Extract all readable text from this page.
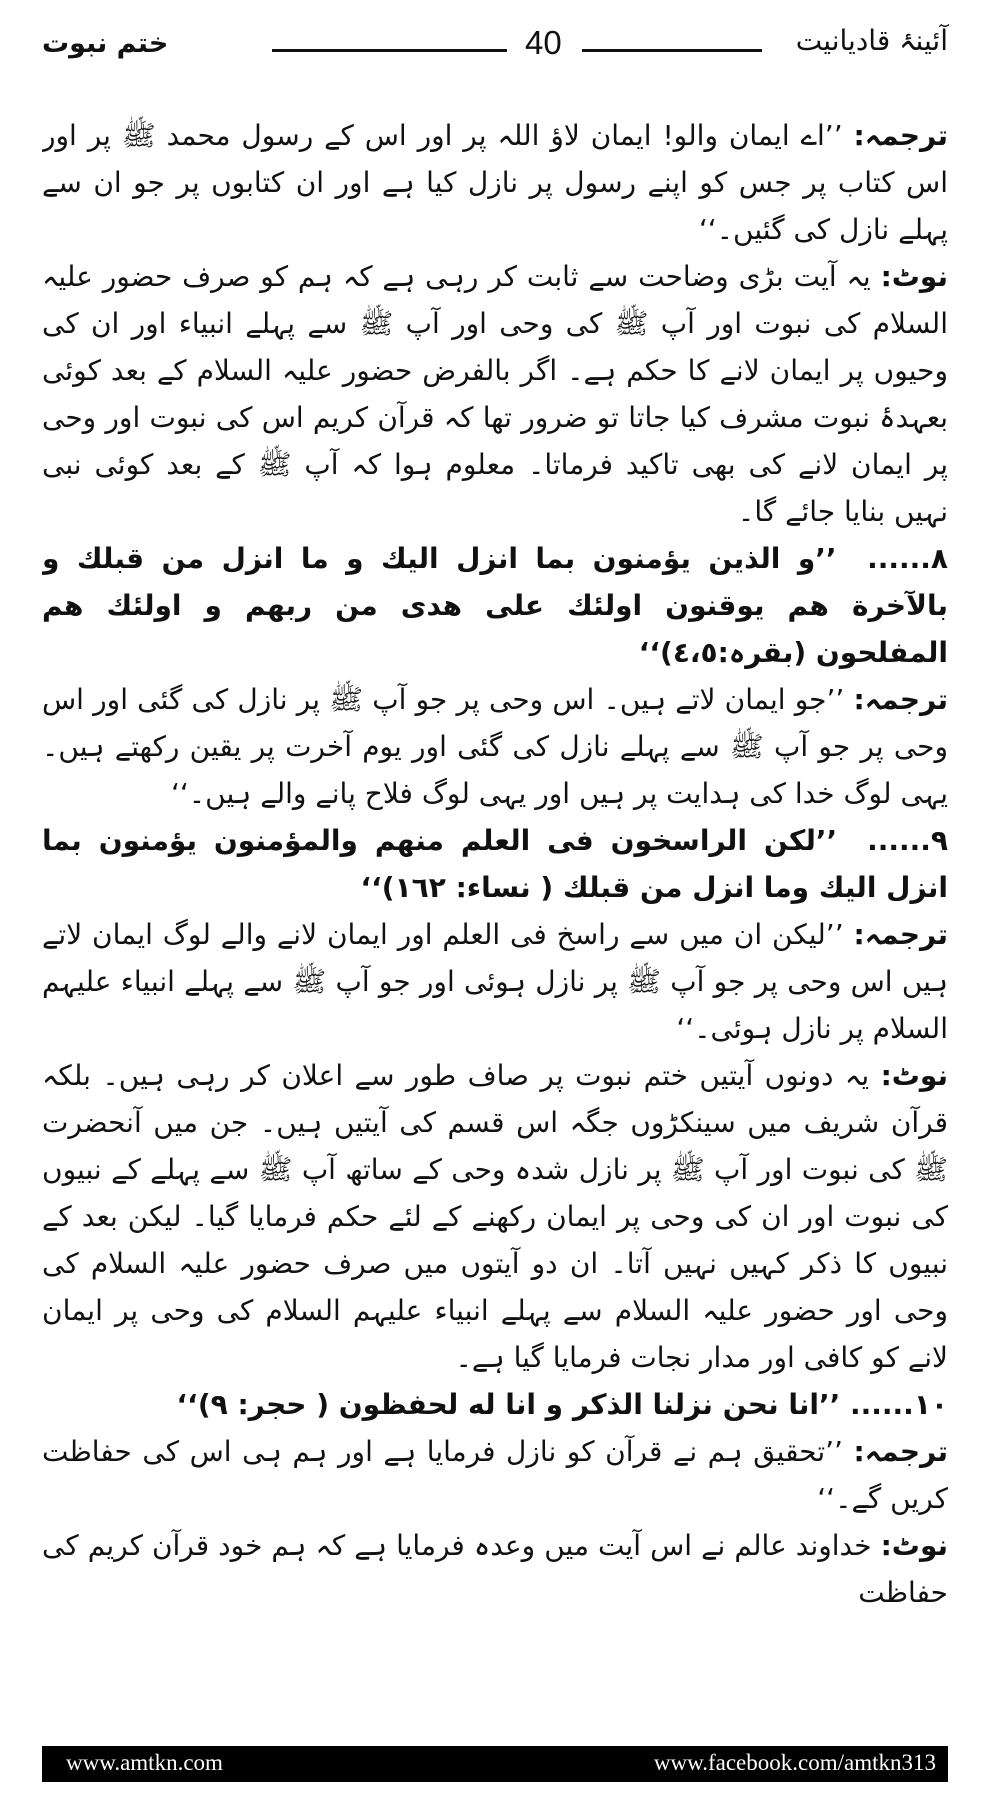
ختم نبوت	40	آئینۂ قادیانیت

ترجمہ: ’’اے ایمان والو! ایمان لاؤ اللہ پر اور اس کے رسول محمد ﷺ پر اور اس کتاب پر جس کو اپنے رسول پر نازل کیا ہے اور ان کتابوں پر جو ان سے پہلے نازل کی گئیں۔‘‘

نوٹ: یہ آیت بڑی وضاحت سے ثابت کر رہی ہے کہ ہم کو صرف حضور علیہ السلام کی نبوت اور آپ ﷺ کی وحی اور آپ ﷺ سے پہلے انبیاء اور ان کی وحیوں پر ایمان لانے کا حکم ہے۔ اگر بالفرض حضور علیہ السلام کے بعد کوئی بعہدۂ نبوت مشرف کیا جاتا تو ضرور تھا کہ قرآن کریم اس کی نبوت اور وحی پر ایمان لانے کی بھی تاکید فرماتا۔ معلوم ہوا کہ آپ ﷺ کے بعد کوئی نبی نہیں بنایا جائے گا۔

۸...... ’’و الذین یؤمنون بما انزل الیك و ما انزل من قبلك و بالآخرة هم یوقنون اولئك علی هدی من ربهم و اولئك هم المفلحون (بقرہ:٤،٥)‘‘

ترجمہ: ’’جو ایمان لاتے ہیں۔ اس وحی پر جو آپ ﷺ پر نازل کی گئی اور اس وحی پر جو آپ ﷺ سے پہلے نازل کی گئی اور یوم آخرت پر یقین رکھتے ہیں۔ یہی لوگ خدا کی ہدایت پر ہیں اور یہی لوگ فلاح پانے والے ہیں۔‘‘

۹...... ’’لکن الراسخون فی العلم منهم والمؤمنون یؤمنون بما انزل الیك وما انزل من قبلك ( نساء: ١٦٢)‘‘

ترجمہ: ’’لیکن ان میں سے راسخ فی العلم اور ایمان لانے والے لوگ ایمان لاتے ہیں اس وحی پر جو آپ ﷺ پر نازل ہوئی اور جو آپ ﷺ سے پہلے انبیاء علیہم السلام پر نازل ہوئی۔‘‘

نوٹ: یہ دونوں آیتیں ختم نبوت پر صاف طور سے اعلان کر رہی ہیں۔ بلکہ قرآن شریف میں سینکڑوں جگہ اس قسم کی آیتیں ہیں۔ جن میں آنحضرت ﷺ کی نبوت اور آپ ﷺ پر نازل شدہ وحی کے ساتھ آپ ﷺ سے پہلے کے نبیوں کی نبوت اور ان کی وحی پر ایمان رکھنے کے لئے حکم فرمایا گیا۔ لیکن بعد کے نبیوں کا ذکر کہیں نہیں آتا۔ ان دو آیتوں میں صرف حضور علیہ السلام کی وحی اور حضور علیہ السلام سے پہلے انبیاء علیہم السلام کی وحی پر ایمان لانے کو کافی اور مدار نجات فرمایا گیا ہے۔

۱۰...... ’’انا نحن نزلنا الذکر و انا له لحفظون ( حجر: ٩)‘‘

ترجمہ: ’’تحقیق ہم نے قرآن کو نازل فرمایا ہے اور ہم ہی اس کی حفاظت کریں گے۔‘‘

نوٹ: خداوند عالم نے اس آیت میں وعدہ فرمایا ہے کہ ہم خود قرآن کریم کی حفاظت

www.amtkn.com	www.facebook.com/amtkn313
